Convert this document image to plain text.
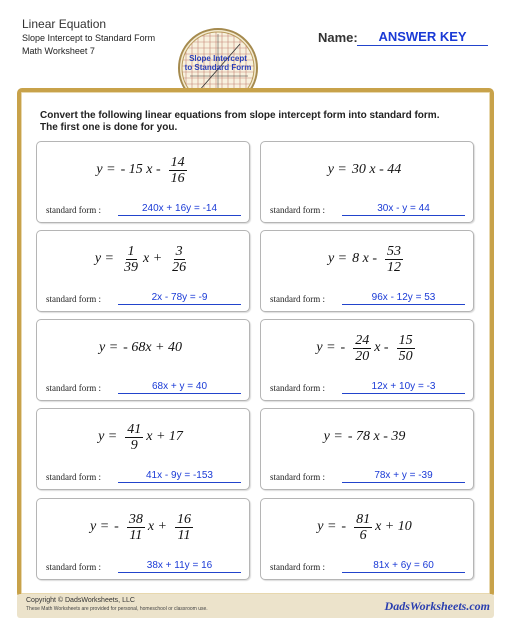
Linear Equation
Slope Intercept to Standard Form
Math Worksheet 7
Name:	ANSWER KEY
Slope Intercept
to Standard Form
Convert the following linear equations from slope intercept form into standard form.
The first one is done for you.
y = - 15 x - $\frac{14}{16}$
standard form :	240x + 16y = -14
y = 30 x - 44
standard form :	30x - y = 44
$y = \frac{1}{39}$ $x + \frac{3}{26}$
standard form :	2x - 78y = -9
y = 8 x - $\frac{53}{12}$
standard form :	96x - 12y = 53
y = - 68x + 40
standard form :	68x + y = 40
y = - $\frac{24}{20}$ x - $\frac{15}{50}$
standard form :	12x + 10y = -3
$y = \frac{41}{9}$ x + 17
standard form :	41x - 9y = -153
y = - 78 x - 39
standard form :	78x + y = -39
y = - $\frac{38}{11}$ $x + \frac{16}{11}$
standard form :	38x + 11y = 16
y = - $\frac{81}{6}$ x + 10
standard form :	81x + 6y = 60
Copyright © DadsWorksheets, LLC
These Math Worksheets are provided for personal, homeschool or classroom use.	DadsWorksheets.com
